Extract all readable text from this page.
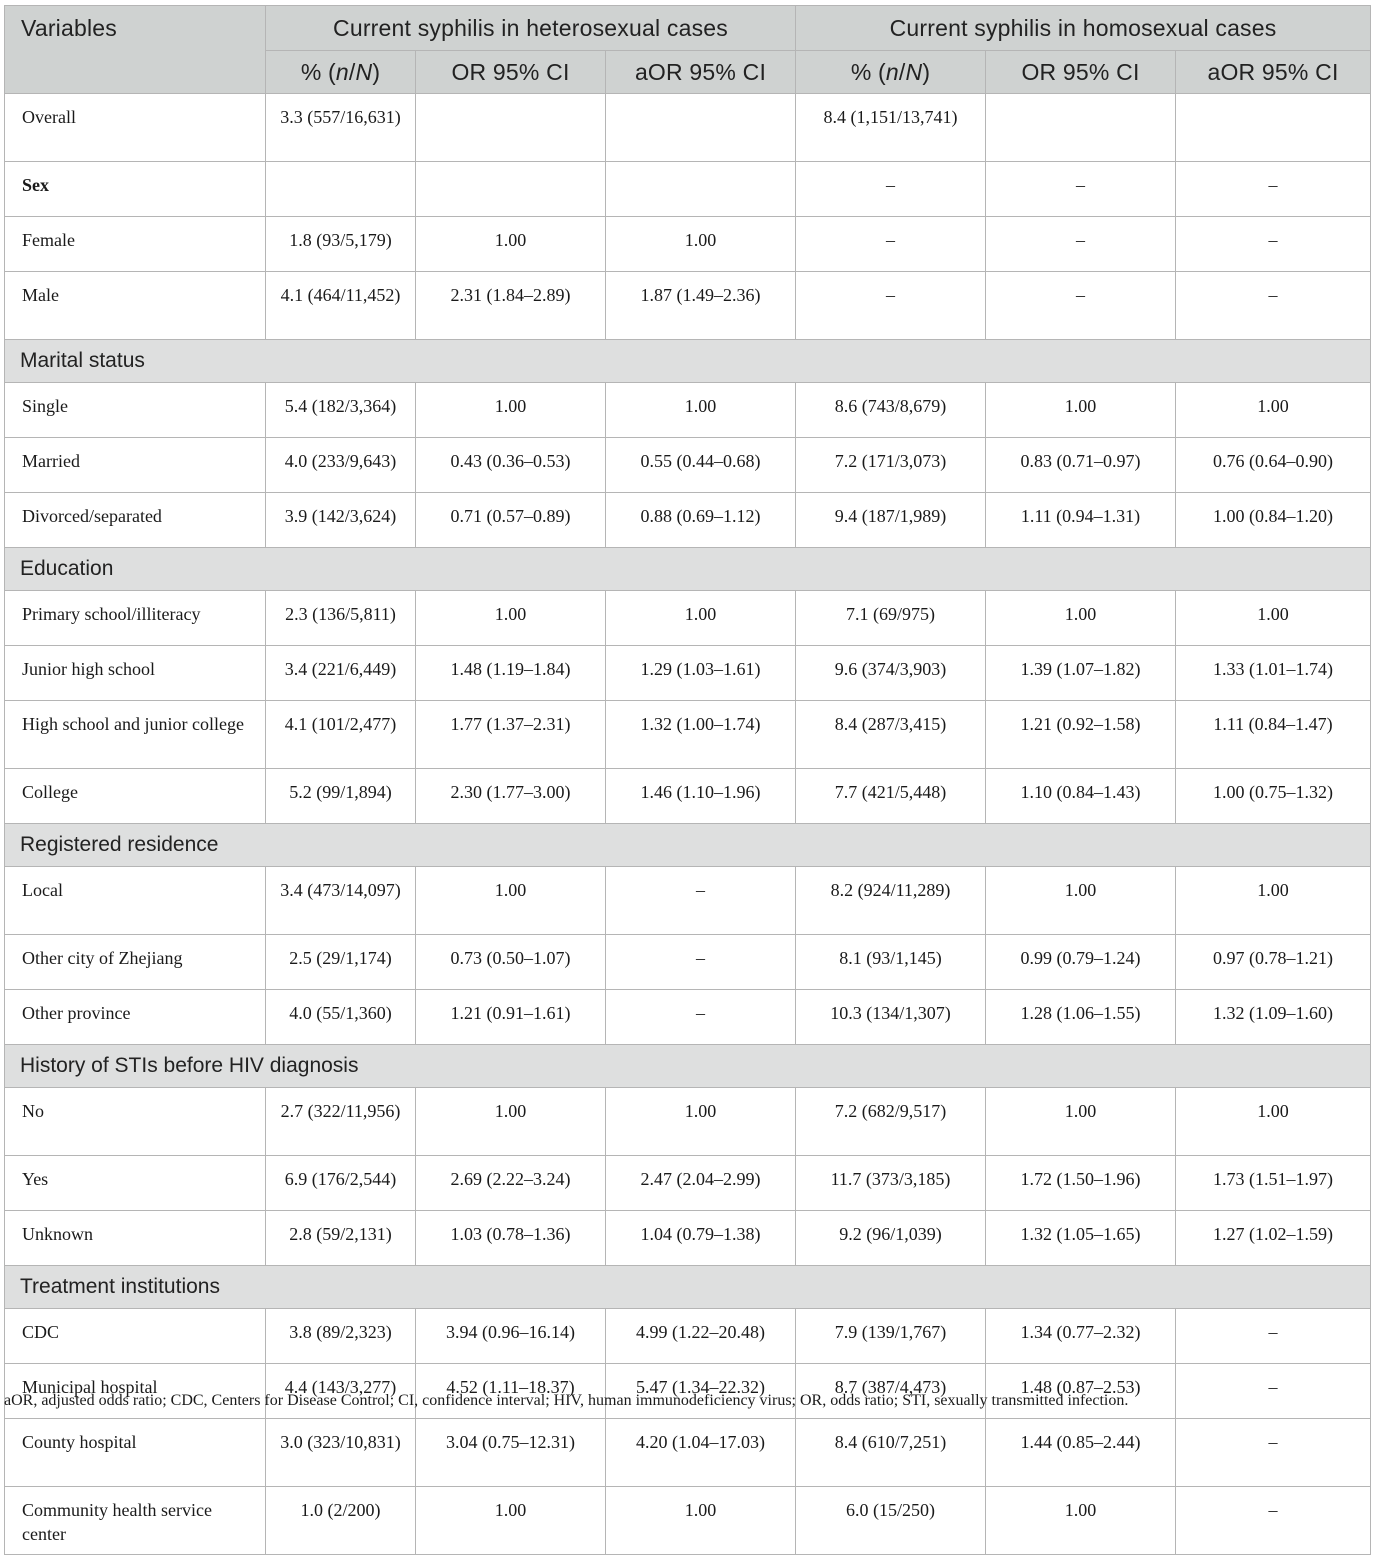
Variables	Current syphilis in heterosexual cases			Current syphilis in homosexual cases		
	% (n/N)	OR 95% CI	aOR 95% CI	% (n/N)	OR 95% CI	aOR 95% CI
Overall	3.3 (557/16,631)			8.4 (1,151/13,741)		
Sex				–	–	–
Female	1.8 (93/5,179)	1.00	1.00	–	–	–
Male	4.1 (464/11,452)	2.31 (1.84–2.89)	1.87 (1.49–2.36)	–	–	–
Marital status						
Single	5.4 (182/3,364)	1.00	1.00	8.6 (743/8,679)	1.00	1.00
Married	4.0 (233/9,643)	0.43 (0.36–0.53)	0.55 (0.44–0.68)	7.2 (171/3,073)	0.83 (0.71–0.97)	0.76 (0.64–0.90)
Divorced/separated	3.9 (142/3,624)	0.71 (0.57–0.89)	0.88 (0.69–1.12)	9.4 (187/1,989)	1.11 (0.94–1.31)	1.00 (0.84–1.20)
Education						
Primary school/illiteracy	2.3 (136/5,811)	1.00	1.00	7.1 (69/975)	1.00	1.00
Junior high school	3.4 (221/6,449)	1.48 (1.19–1.84)	1.29 (1.03–1.61)	9.6 (374/3,903)	1.39 (1.07–1.82)	1.33 (1.01–1.74)
High school and junior college	4.1 (101/2,477)	1.77 (1.37–2.31)	1.32 (1.00–1.74)	8.4 (287/3,415)	1.21 (0.92–1.58)	1.11 (0.84–1.47)
College	5.2 (99/1,894)	2.30 (1.77–3.00)	1.46 (1.10–1.96)	7.7 (421/5,448)	1.10 (0.84–1.43)	1.00 (0.75–1.32)
Registered residence						
Local	3.4 (473/14,097)	1.00	–	8.2 (924/11,289)	1.00	1.00
Other city of Zhejiang	2.5 (29/1,174)	0.73 (0.50–1.07)	–	8.1 (93/1,145)	0.99 (0.79–1.24)	0.97 (0.78–1.21)
Other province	4.0 (55/1,360)	1.21 (0.91–1.61)	–	10.3 (134/1,307)	1.28 (1.06–1.55)	1.32 (1.09–1.60)
History of STIs before HIV diagnosis						
No	2.7 (322/11,956)	1.00	1.00	7.2 (682/9,517)	1.00	1.00
Yes	6.9 (176/2,544)	2.69 (2.22–3.24)	2.47 (2.04–2.99)	11.7 (373/3,185)	1.72 (1.50–1.96)	1.73 (1.51–1.97)
Unknown	2.8 (59/2,131)	1.03 (0.78–1.36)	1.04 (0.79–1.38)	9.2 (96/1,039)	1.32 (1.05–1.65)	1.27 (1.02–1.59)
Treatment institutions						
CDC	3.8 (89/2,323)	3.94 (0.96–16.14)	4.99 (1.22–20.48)	7.9 (139/1,767)	1.34 (0.77–2.32)	–
Municipal hospital	4.4 (143/3,277)	4.52 (1.11–18.37)	5.47 (1.34–22.32)	8.7 (387/4,473)	1.48 (0.87–2.53)	–
County hospital	3.0 (323/10,831)	3.04 (0.75–12.31)	4.20 (1.04–17.03)	8.4 (610/7,251)	1.44 (0.85–2.44)	–
Community health service center	1.0 (2/200)	1.00	1.00	6.0 (15/250)	1.00	–
aOR, adjusted odds ratio; CDC, Centers for Disease Control; CI, confidence interval; HIV, human immunodeficiency virus; OR, odds ratio; STI, sexually transmitted infection.
